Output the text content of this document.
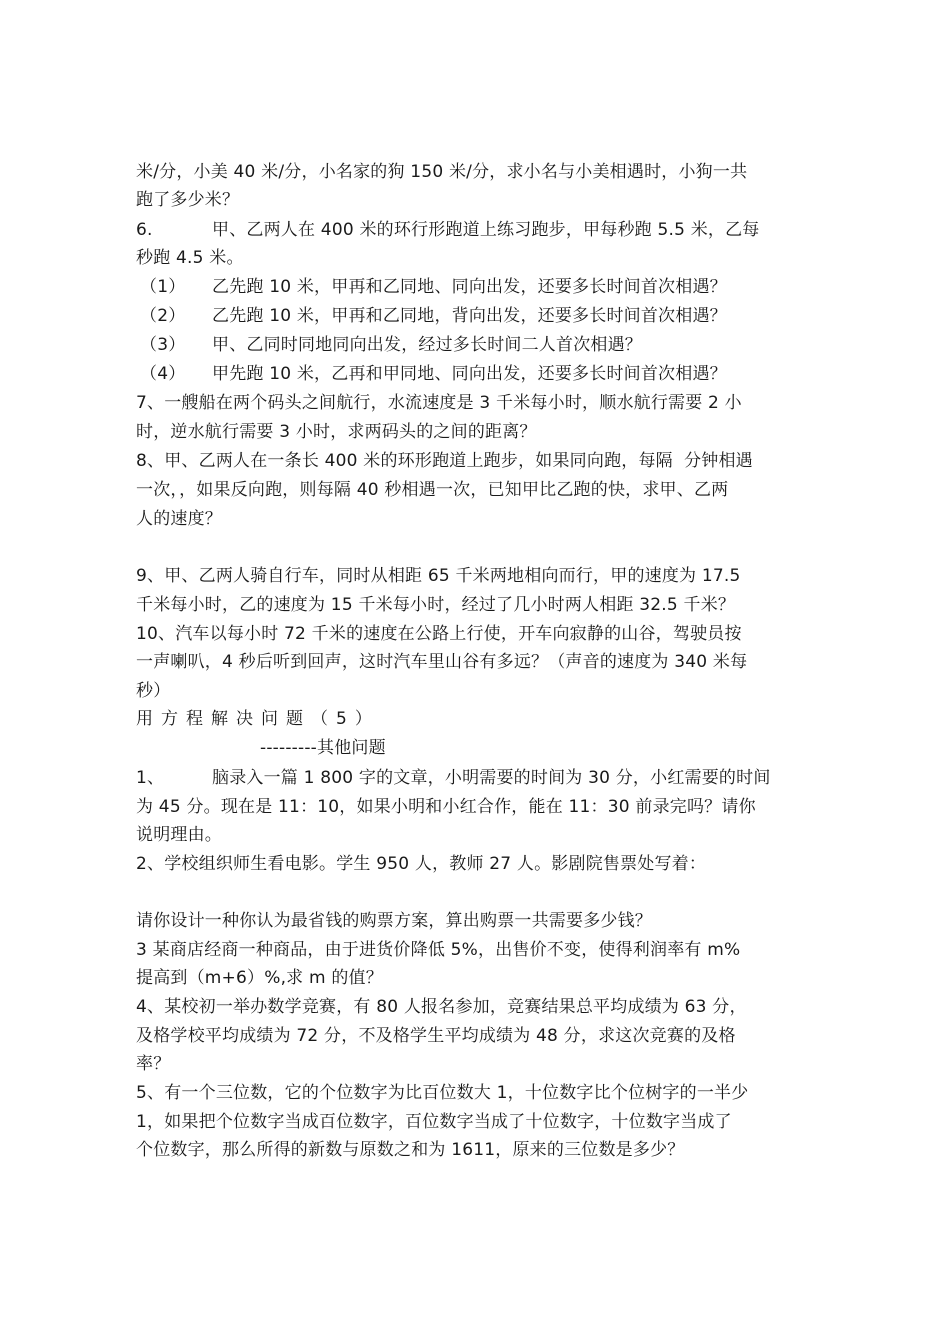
米/分，小美 40 米/分，小名家的狗 150 米/分，求小名与小美相遇时，小狗一共
跑了多少米？
6.	甲、乙两人在 400 米的环行形跑道上练习跑步，甲每秒跑 5.5 米，乙每
秒跑 4.5 米。
（1） 乙先跑 10 米，甲再和乙同地、同向出发，还要多长时间首次相遇？
（2） 乙先跑 10 米，甲再和乙同地，背向出发，还要多长时间首次相遇？
（3） 甲、乙同时同地同向出发，经过多长时间二人首次相遇？
（4） 甲先跑 10 米，乙再和甲同地、同向出发，还要多长时间首次相遇？
7、一艘船在两个码头之间航行，水流速度是 3 千米每小时，顺水航行需要 2 小
时，逆水航行需要 3 小时，求两码头的之间的距离？
8、甲、乙两人在一条长 400 米的环形跑道上跑步，如果同向跑，每隔  分钟相遇
一次，，如果反向跑，则每隔 40 秒相遇一次，已知甲比乙跑的快，求甲、乙两
人的速度？
9、甲、乙两人骑自行车，同时从相距 65 千米两地相向而行，甲的速度为 17.5
千米每小时，乙的速度为 15 千米每小时，经过了几小时两人相距 32.5 千米？
10、汽车以每小时 72 千米的速度在公路上行使，开车向寂静的山谷，驾驶员按
一声喇叭，4 秒后听到回声，这时汽车里山谷有多远？（声音的速度为 340 米每
秒）
用方程解决问题（5）
---------其他问题
1、	脑录入一篇 1 800 字的文章，小明需要的时间为 30 分，小红需要的时间
为 45 分。现在是 11：10，如果小明和小红合作，能在 11：30 前录完吗？请你
说明理由。
2、学校组织师生看电影。学生 950 人，教师 27 人。影剧院售票处写着：
请你设计一种你认为最省钱的购票方案，算出购票一共需要多少钱？
3 某商店经商一种商品，由于进货价降低 5%，出售价不变，使得利润率有 m%
提高到（m+6）%,求 m 的值？
4、某校初一举办数学竞赛，有 80 人报名参加，竞赛结果总平均成绩为 63 分，
及格学校平均成绩为 72 分，不及格学生平均成绩为 48 分，求这次竞赛的及格
率？
5、有一个三位数，它的个位数字为比百位数大 1，十位数字比个位树字的一半少
1，如果把个位数字当成百位数字，百位数字当成了十位数字，十位数字当成了
个位数字，那么所得的新数与原数之和为 1611，原来的三位数是多少？
